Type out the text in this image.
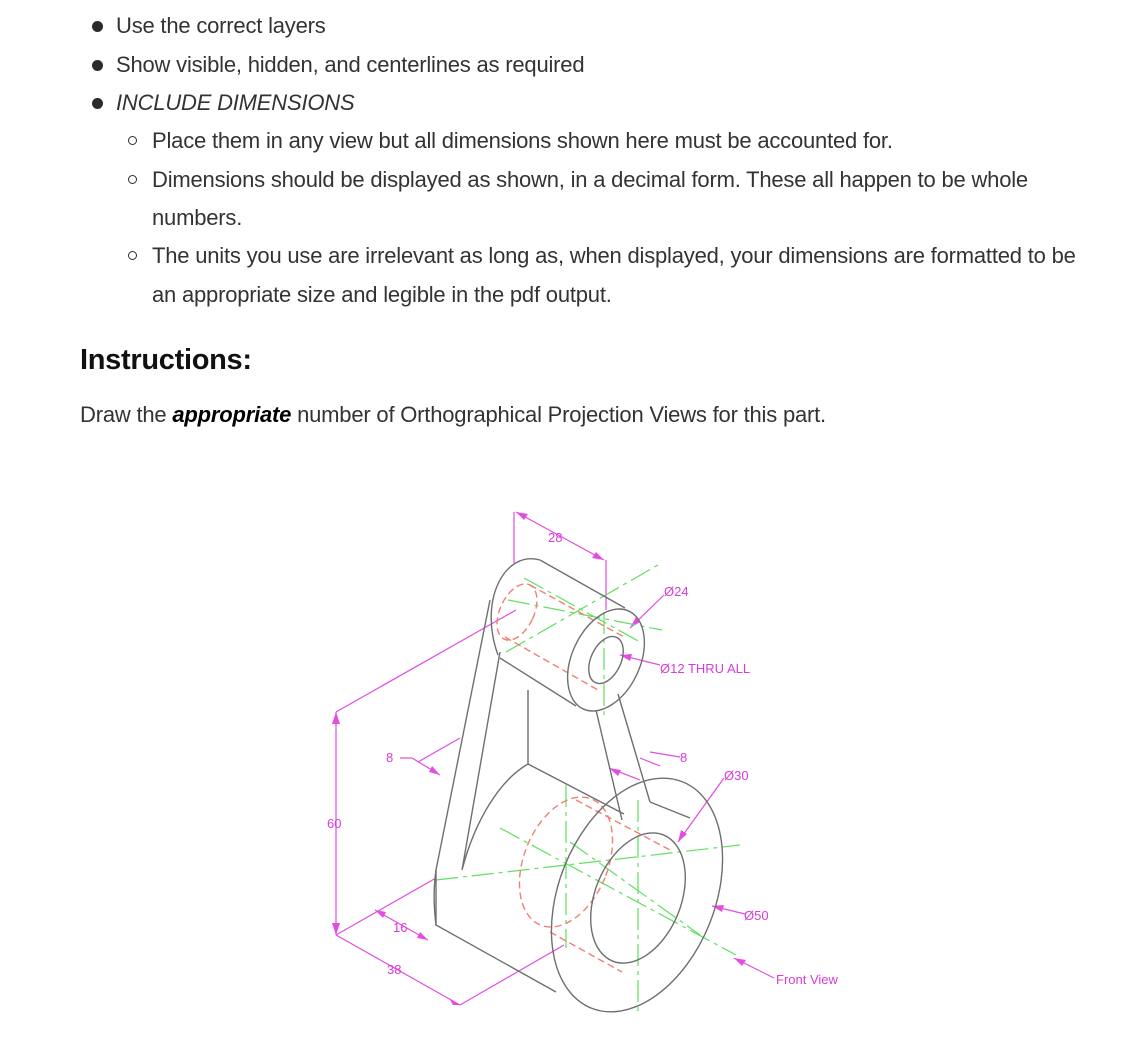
Use the correct layers
Show visible, hidden, and centerlines as required
INCLUDE DIMENSIONS
Place them in any view but all dimensions shown here must be accounted for.
Dimensions should be displayed as shown, in a decimal form. These all happen to be whole
numbers.
The units you use are irrelevant as long as, when displayed, your dimensions are formatted to be
an appropriate size and legible in the pdf output.
Instructions:
Draw the appropriate number of Orthographical Projection Views for this part.
28
Ø24
Ø12 THRU ALL
8	8
Ø30
60
16
38
Ø50
Front View
